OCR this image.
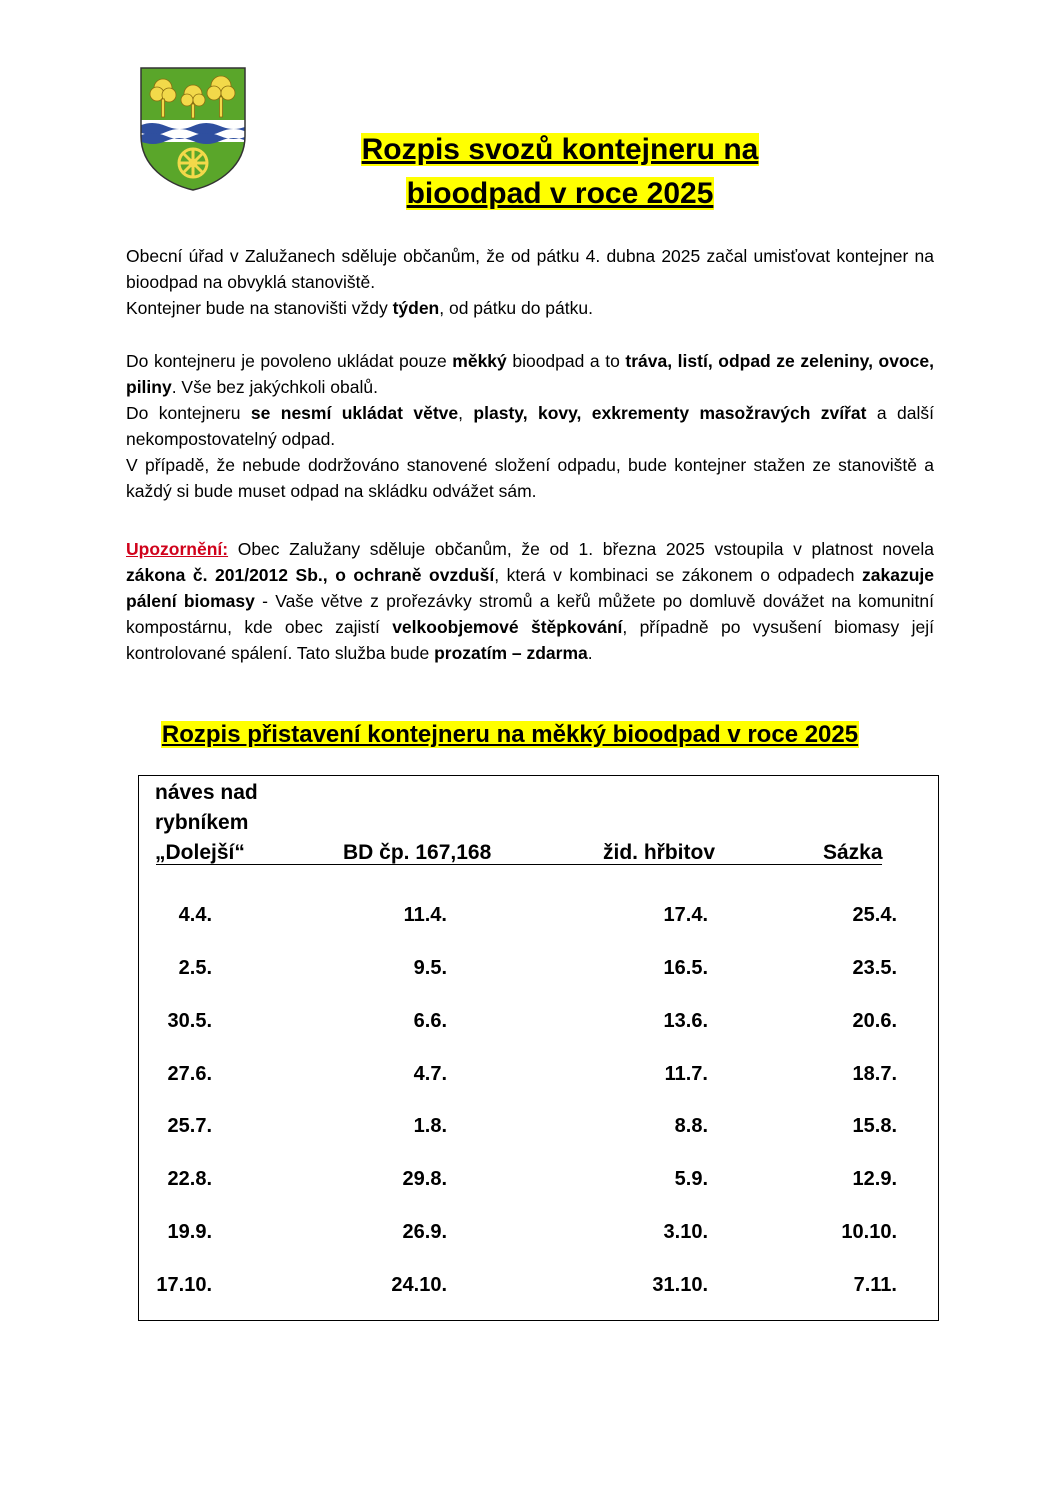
Rozpis svozů kontejneru na
bioodpad v roce 2025

Obecní úřad v Zalužanech sděluje občanům, že od pátku 4. dubna 2025 začal umisťovat kontejner na bioodpad na obvyklá stanoviště.

Kontejner bude na stanovišti vždy týden, od pátku do pátku.

Do kontejneru je povoleno ukládat pouze měkký bioodpad a to tráva, listí, odpad ze zeleniny, ovoce, piliny. Vše bez jakýchkoli obalů.

Do kontejneru se nesmí ukládat větve, plasty, kovy, exkrementy masožravých zvířat a další nekompostovatelný odpad.

V případě, že nebude dodržováno stanovené složení odpadu, bude kontejner stažen ze stanoviště a každý si bude muset odpad na skládku odvážet sám.

Upozornění: Obec Zalužany sděluje občanům, že od 1. března 2025 vstoupila v platnost novela zákona č. 201/2012 Sb., o ochraně ovzduší, která v kombinaci se zákonem o odpadech zakazuje pálení biomasy - Vaše větve z prořezávky stromů a keřů můžete po domluvě dovážet na komunitní kompostárnu, kde obec zajistí velkoobjemové štěpkování, případně po vysušení biomasy její kontrolované spálení. Tato služba bude prozatím – zdarma.

Rozpis přistavení kontejneru na měkký bioodpad v roce 2025
náves nad
rybníkem
„Dolejší“	BD čp. 167,168	žid. hřbitov	Sázka
4.4.	11.4.	17.4.	25.4.
2.5.	9.5.	16.5.	23.5.
30.5.	6.6.	13.6.	20.6.
27.6.	4.7.	11.7.	18.7.
25.7.	1.8.	8.8.	15.8.
22.8.	29.8.	5.9.	12.9.
19.9.	26.9.	3.10.	10.10.
17.10.	24.10.	31.10.	7.11.
